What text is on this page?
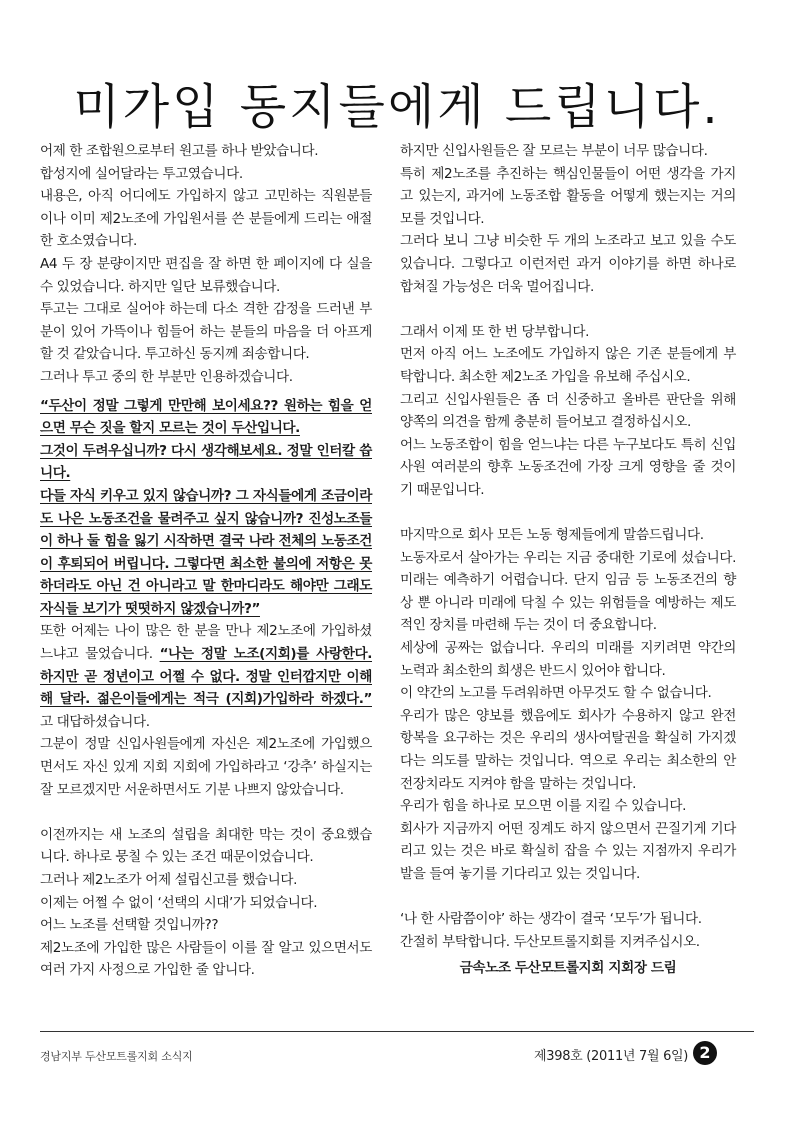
미가입 동지들에게 드립니다.

어제 한 조합원으로부터 원고를 하나 받았습니다.

합성지에 실어달라는 투고였습니다.

내용은, 아직 어디에도 가입하지 않고 고민하는 직원분들이나 이미 제2노조에 가입원서를 쓴 분들에게 드리는 애절한 호소였습니다.

A4 두 장 분량이지만 편집을 잘 하면 한 페이지에 다 실을 수 있었습니다. 하지만 일단 보류했습니다.

투고는 그대로 실어야 하는데 다소 격한 감정을 드러낸 부분이 있어 가뜩이나 힘들어 하는 분들의 마음을 더 아프게 할 것 같았습니다. 투고하신 동지께 죄송합니다.

그러나 투고 중의 한 부분만 인용하겠습니다.

“두산이 정말 그렇게 만만해 보이세요?? 원하는 힘을 얻으면 무슨 짓을 할지 모르는 것이 두산입니다.

그것이 두려우십니까? 다시 생각해보세요. 정말 인터칼 씁니다.

다들 자식 키우고 있지 않습니까? 그 자식들에게 조금이라도 나은 노동조건을 물려주고 싶지 않습니까? 진성노조들이 하나 둘 힘을 잃기 시작하면 결국 나라 전체의 노동조건이 후퇴되어 버립니다. 그렇다면 최소한 불의에 저항은 못하더라도 아닌 건 아니라고 말 한마디라도 해야만 그래도 자식들 보기가 떳떳하지 않겠습니까?”

또한 어제는 나이 많은 한 분을 만나 제2노조에 가입하셨느냐고 물었습니다. “나는 정말 노조(지회)를 사랑한다. 하지만 곧 정년이고 어쩔 수 없다. 정말 인터깝지만 이해해 달라. 젊은이들에게는 적극 (지회)가입하라 하겠다.” 고 대답하셨습니다.

그분이 정말 신입사원들에게 자신은 제2노조에 가입했으면서도 자신 있게 지회 지회에 가입하라고 ‘강추’ 하실지는 잘 모르겠지만 서운하면서도 기분 나쁘지 않았습니다.

이전까지는 새 노조의 설립을 최대한 막는 것이 중요했습니다. 하나로 뭉칠 수 있는 조건 때문이었습니다.

그러나 제2노조가 어제 설립신고를 했습니다.

이제는 어쩔 수 없이 ‘선택의 시대’가 되었습니다.

어느 노조를 선택할 것입니까??

제2노조에 가입한 많은 사람들이 이를 잘 알고 있으면서도 여러 가지 사정으로 가입한 줄 압니다.

하지만 신입사원들은 잘 모르는 부분이 너무 많습니다.

특히 제2노조를 추진하는 핵심인물들이 어떤 생각을 가지고 있는지, 과거에 노동조합 활동을 어떻게 했는지는 거의 모를 것입니다.

그러다 보니 그냥 비슷한 두 개의 노조라고 보고 있을 수도 있습니다. 그렇다고 이런저런 과거 이야기를 하면 하나로 합쳐질 가능성은 더욱 멀어집니다.

그래서 이제 또 한 번 당부합니다.

먼저 아직 어느 노조에도 가입하지 않은 기존 분들에게 부탁합니다. 최소한 제2노조 가입을 유보해 주십시오.

그리고 신입사원들은 좀 더 신중하고 올바른 판단을 위해 양쪽의 의견을 함께 충분히 들어보고 결정하십시오.

어느 노동조합이 힘을 얻느냐는 다른 누구보다도 특히 신입사원 여러분의 향후 노동조건에 가장 크게 영향을 줄 것이기 때문입니다.

마지막으로 회사 모든 노동 형제들에게 말씀드립니다.

노동자로서 살아가는 우리는 지금 중대한 기로에 섰습니다. 미래는 예측하기 어렵습니다. 단지 임금 등 노동조건의 향상 뿐 아니라 미래에 닥칠 수 있는 위험들을 예방하는 제도적인 장치를 마련해 두는 것이 더 중요합니다.

세상에 공짜는 없습니다. 우리의 미래를 지키려면 약간의 노력과 최소한의 희생은 반드시 있어야 합니다.

이 약간의 노고를 두려워하면 아무것도 할 수 없습니다.

우리가 많은 양보를 했음에도 회사가 수용하지 않고 완전 항복을 요구하는 것은 우리의 생사여탈권을 확실히 가지겠다는 의도를 말하는 것입니다. 역으로 우리는 최소한의 안전장치라도 지켜야 함을 말하는 것입니다.

우리가 힘을 하나로 모으면 이를 지킬 수 있습니다.

회사가 지금까지 어떤 징계도 하지 않으면서 끈질기게 기다리고 있는 것은 바로 확실히 잡을 수 있는 지점까지 우리가 발을 들여 놓기를 기다리고 있는 것입니다.

‘나 한 사람쯤이야’ 하는 생각이 결국 ‘모두’가 됩니다.

간절히 부탁합니다. 두산모트롤지회를 지켜주십시오.

금속노조 두산모트롤지회 지회장 드림

경남지부 두산모트롤지회 소식지	제398호 (2011년 7월 6일) 2
